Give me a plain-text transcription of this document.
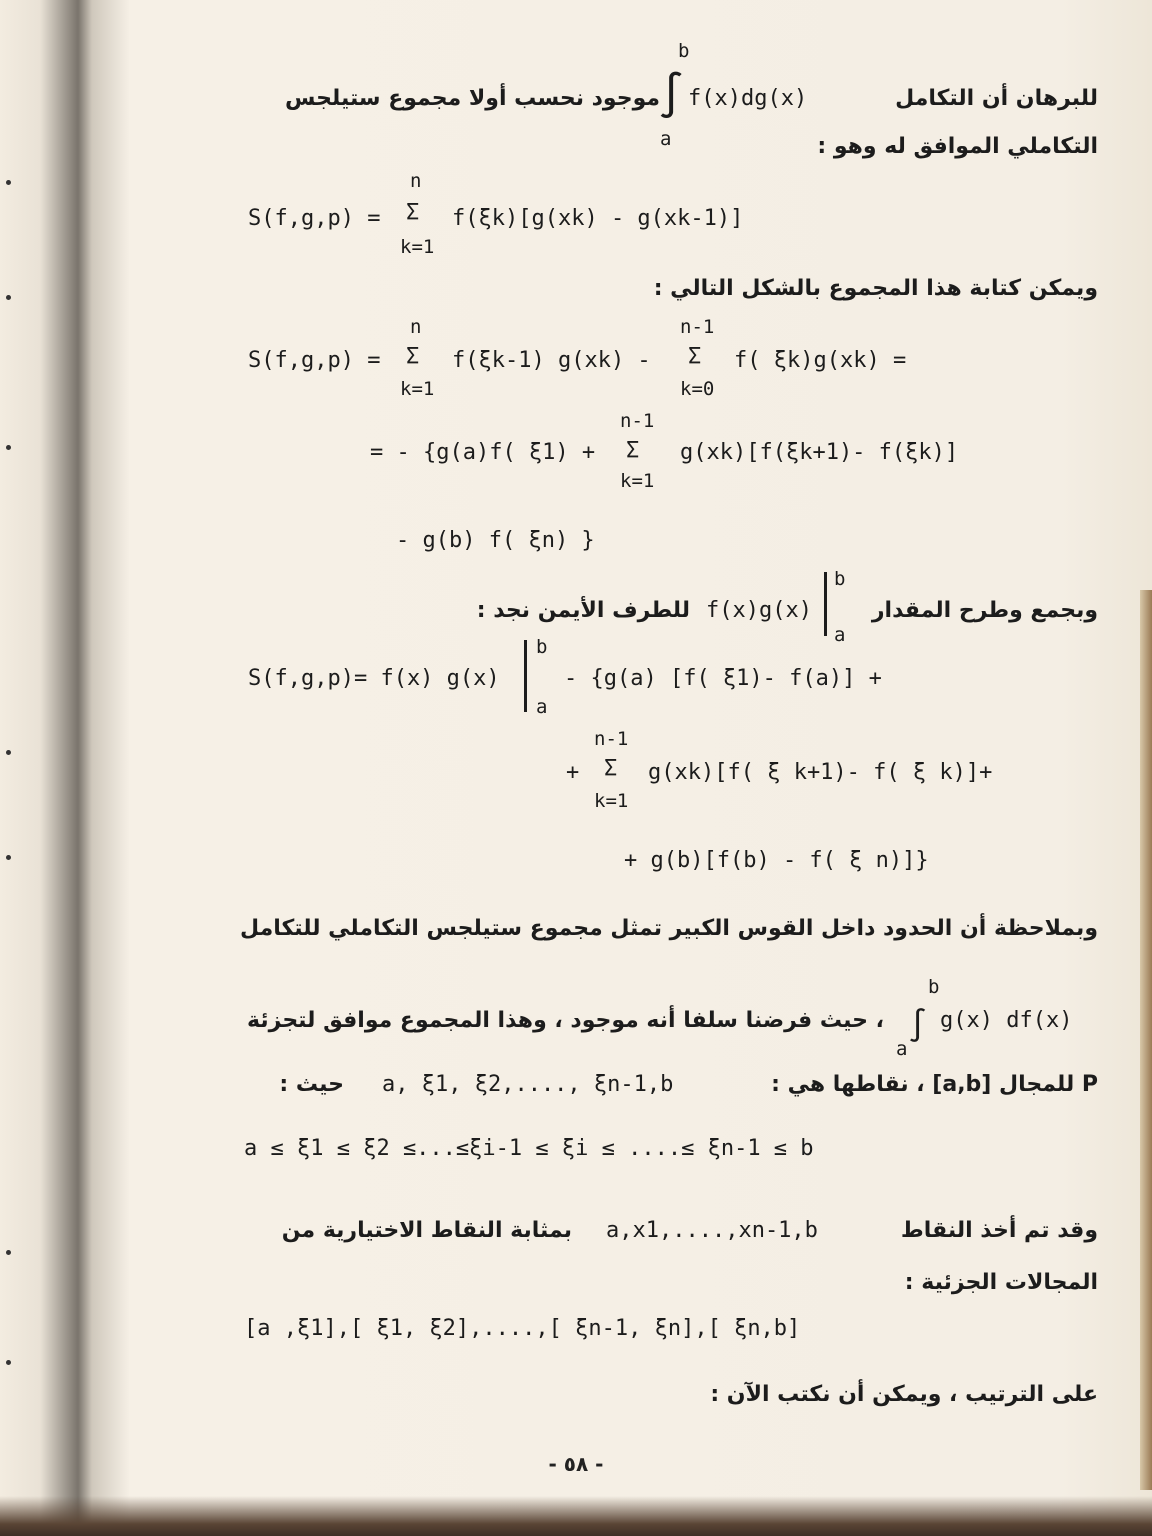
للبرهان أن التكامل
f(x)dg(x)
b
a
∫
موجود نحسب أولا مجموع ستيلجس
التكاملي الموافق له وهو :
S(f,g,p) =
n
Σ
k=1
f(ξk)[g(xk) - g(xk-1)]
ويمكن كتابة هذا المجموع بالشكل التالي :
S(f,g,p) =
n
Σ
k=1
f(ξk-1) g(xk) -
n-1
Σ
k=0
f( ξk)g(xk) =
= - {g(a)f( ξ1) +
n-1
Σ
k=1
g(xk)[f(ξk+1)- f(ξk)]
- g(b) f( ξn) }
وبجمع وطرح المقدار
f(x)g(x)
b
a
للطرف الأيمن نجد :
S(f,g,p)= f(x) g(x)
b
a
- {g(a) [f( ξ1)- f(a)] +
+
n-1
Σ
k=1
g(xk)[f( ξ k+1)- f( ξ k)]+
+ g(b)[f(b) - f( ξ n)]}
وبملاحظة أن الحدود داخل القوس الكبير تمثل مجموع ستيلجس التكاملي للتكامل
∫
b
a
g(x) df(x)
، حيث فرضنا سلفا أنه موجود ، وهذا المجموع موافق لتجزئة
P للمجال [a,b] ، نقاطها هي :
a, ξ1, ξ2,...., ξn-1,b
حيث :
a ≤ ξ1 ≤ ξ2 ≤...≤ξi-1 ≤ ξi ≤ ....≤ ξn-1 ≤ b
وقد تم أخذ النقاط
a,x1,....,xn-1,b
بمثابة النقاط الاختيارية من
المجالات الجزئية :
[a ,ξ1],[ ξ1, ξ2],....,[ ξn-1, ξn],[ ξn,b]
على الترتيب ، ويمكن أن نكتب الآن :
- ٥٨ -
